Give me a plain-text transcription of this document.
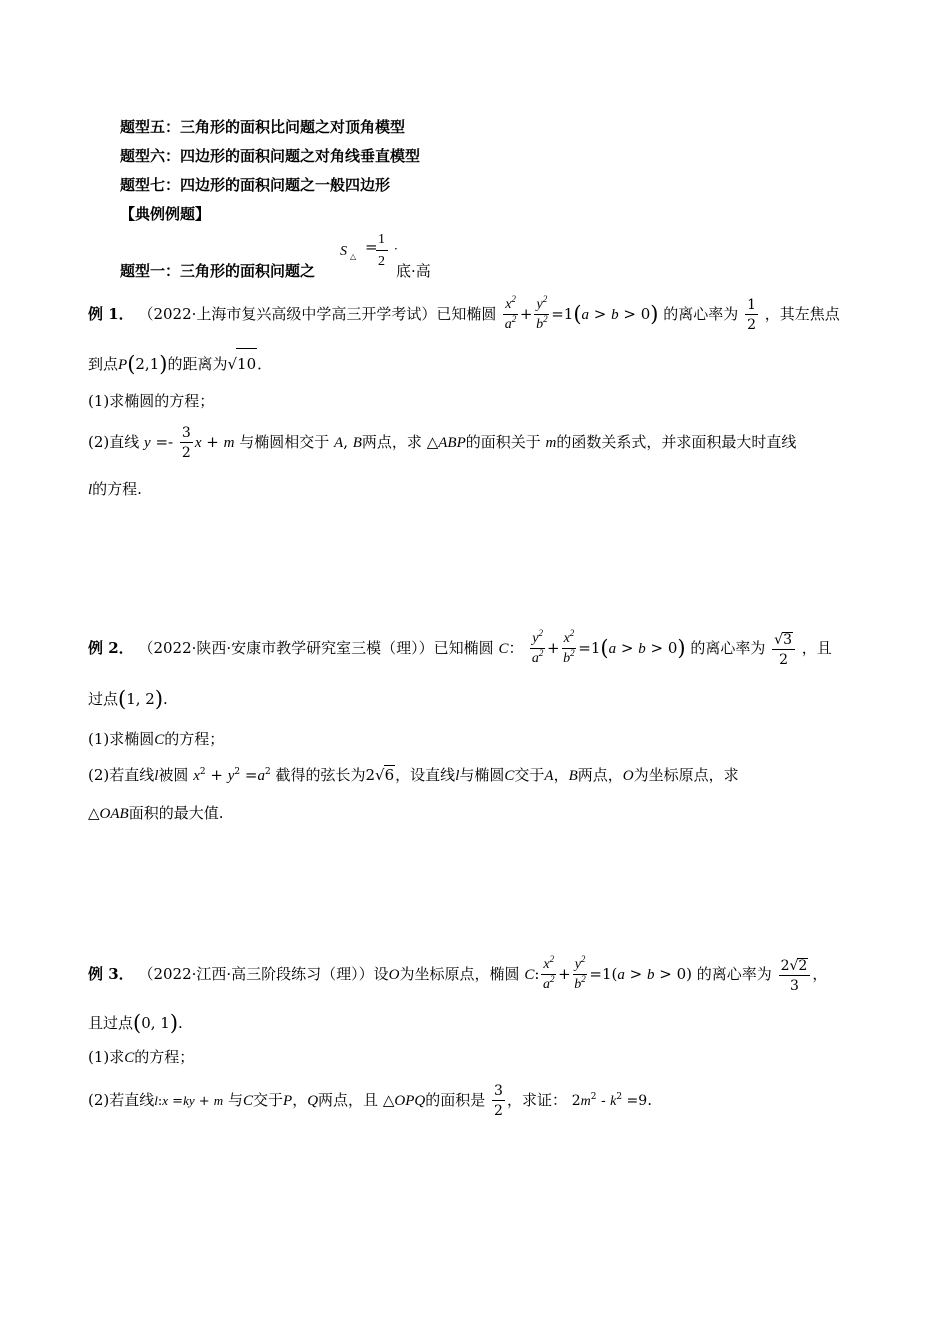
题型五：三角形的面积比问题之对顶角模型
题型六：四边形的面积问题之对角线垂直模型
题型七：四边形的面积问题之一般四边形
【典例例题】
题型一：三角形的面积问题之
S △
= 1
2
·
底·高
例 1． （2022·上海市复兴高级中学高三开学考试）已知椭圆 $\frac{x^2}{a^2} + \frac{y^2}{b^2} =1(a > b > 0)$ 的离心率为 $\frac{1}{2}$ ，其左焦点
到点P(2,1)的距离为√10．
(1)求椭圆的方程；
(2)直线 $y =- \frac{3}{2}$ x + m 与椭圆相交于 A, B两点，求 △ABP的面积关于 m的函数关系式，并求面积最大时直线
l的方程.
例 2． （2022·陕西·安康市教学研究室三模（理））已知椭圆 C： $\frac{y^2}{a^2} + \frac{x^2}{b^2} =1(a > b > 0)$ 的离心率为 $\frac{√3}{2}$ ，且
过点(1, 2).
(1)求椭圆C的方程；
(2)若直线l被圆 $x^2 + y^2 =a^2$ 截得的弦长为2√6，设直线l与椭圆C交于A，B两点，O为坐标原点，求
△OAB面积的最大值.
例 3． （2022·江西·高三阶段练习（理））设O为坐标原点，椭圆 C: $\frac{x^2}{a^2} + \frac{y^2}{b^2} =1(a > b > 0)$ 的离心率为 $\frac{2√2}{3}$ ，
且过点(0, 1).
(1)求C的方程；
(2)若直线l:x =ky + m 与C交于P，Q两点，且 △OPQ的面积是 $\frac{3}{2}$ ，求证： $2m^2 - k^2 =9$.
